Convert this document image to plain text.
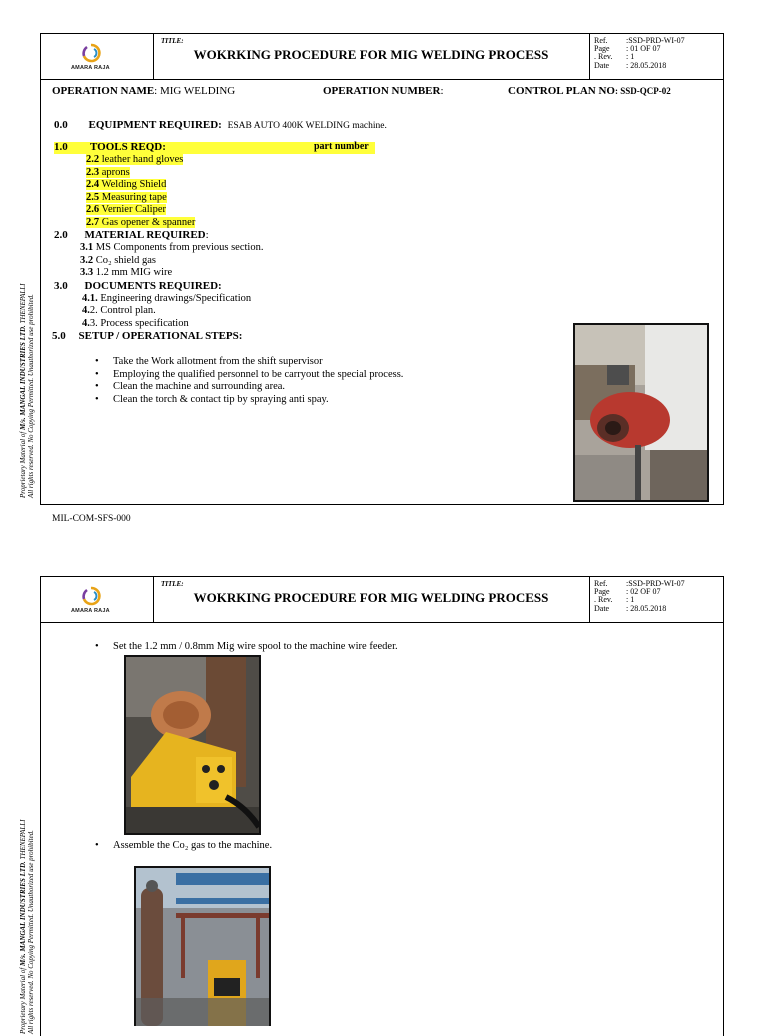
AMARA RAJA
TITLE:
WOKRKING PROCEDURE FOR MIG WELDING PROCESS
Ref.	:SSD-PRD-WI-07
Page	: 01 OF 07
. Rev.	: 1
Date	: 28.05.2018
OPERATION NAME: MIG WELDING	OPERATION NUMBER:	CONTROL PLAN NO: SSD-QCP-02
0.0 EQUIPMENT REQUIRED: ESAB AUTO 400K WELDING machine.
1.0 TOOLS REQD:	part number
2.2 leather hand gloves
2.3 aprons
2.4 Welding Shield
2.5 Measuring tape
2.6 Vernier Caliper
2.7 Gas opener & spanner
2.0 MATERIAL REQUIRED:
3.1 MS Components from previous section.
3.2 Co₂ shield gas
3.3 1.2 mm MIG wire
3.0 DOCUMENTS REQUIRED:
4.1. Engineering drawings/Specification
4.2. Control plan.
4.3. Process specification
5.0 SETUP / OPERATIONAL STEPS:
• Take the Work allotment from the shift supervisor
• Employing the qualified personnel to be carryout the special process.
• Clean the machine and surrounding area.
• Clean the torch & contact tip by spraying anti spay.
Proprietary Material of M/s. MANGAL INDUSTRIES LTD. THENEPALLI
All rights reserved. No Copying Permitted. Unauthorized use prohibited.
MIL-COM-SFS-000
AMARA RAJA
TITLE:
WOKRKING PROCEDURE FOR MIG WELDING PROCESS
Ref.	:SSD-PRD-WI-07
Page	: 02 OF 07
. Rev.	: 1
Date	: 28.05.2018
• Set the 1.2 mm / 0.8mm Mig wire spool to the machine wire feeder.
• Assemble the Co₂ gas to the machine.
Proprietary Material of M/s. MANGAL INDUSTRIES LTD. THENEPALLI
All rights reserved. No Copying Permitted. Unauthorized use prohibited.
